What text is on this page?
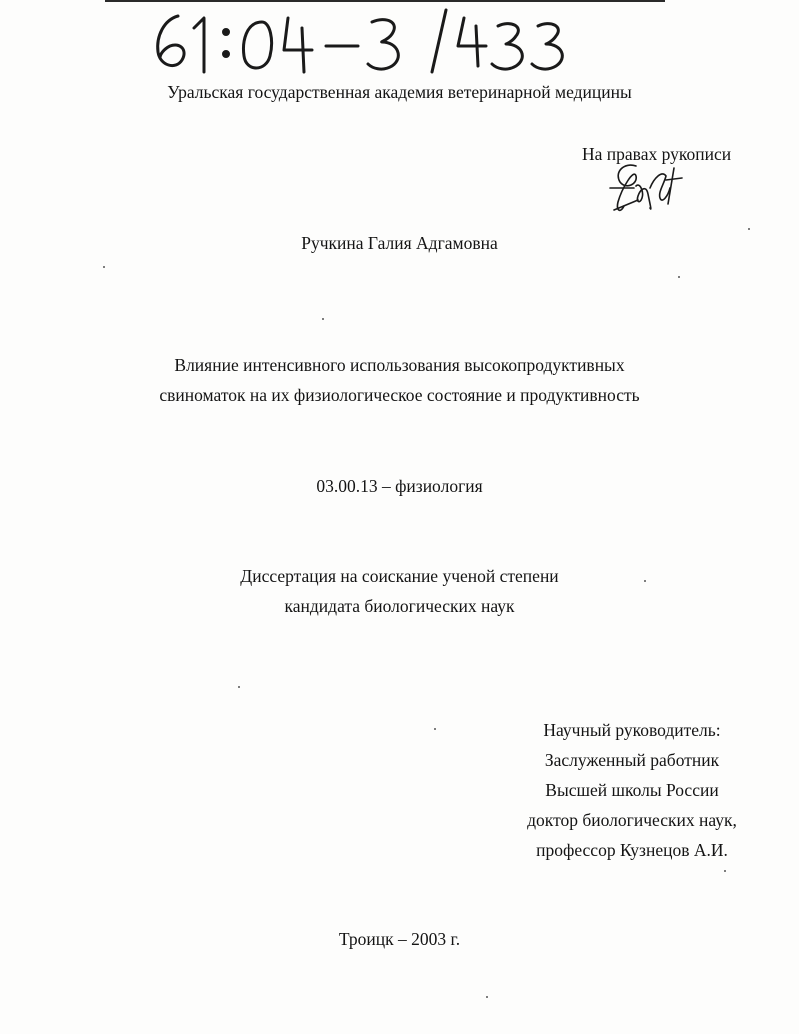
Уральская государственная академия ветеринарной медицины
На правах рукописи
Ручкина Галия Адгамовна
Влияние интенсивного использования высокопродуктивных
свиноматок на их физиологическое состояние и продуктивность
03.00.13 – физиология
Диссертация на соискание ученой степени
кандидата биологических наук
Научный руководитель:
Заслуженный работник
Высшей школы России
доктор биологических наук,
профессор Кузнецов А.И.
Троицк – 2003 г.
